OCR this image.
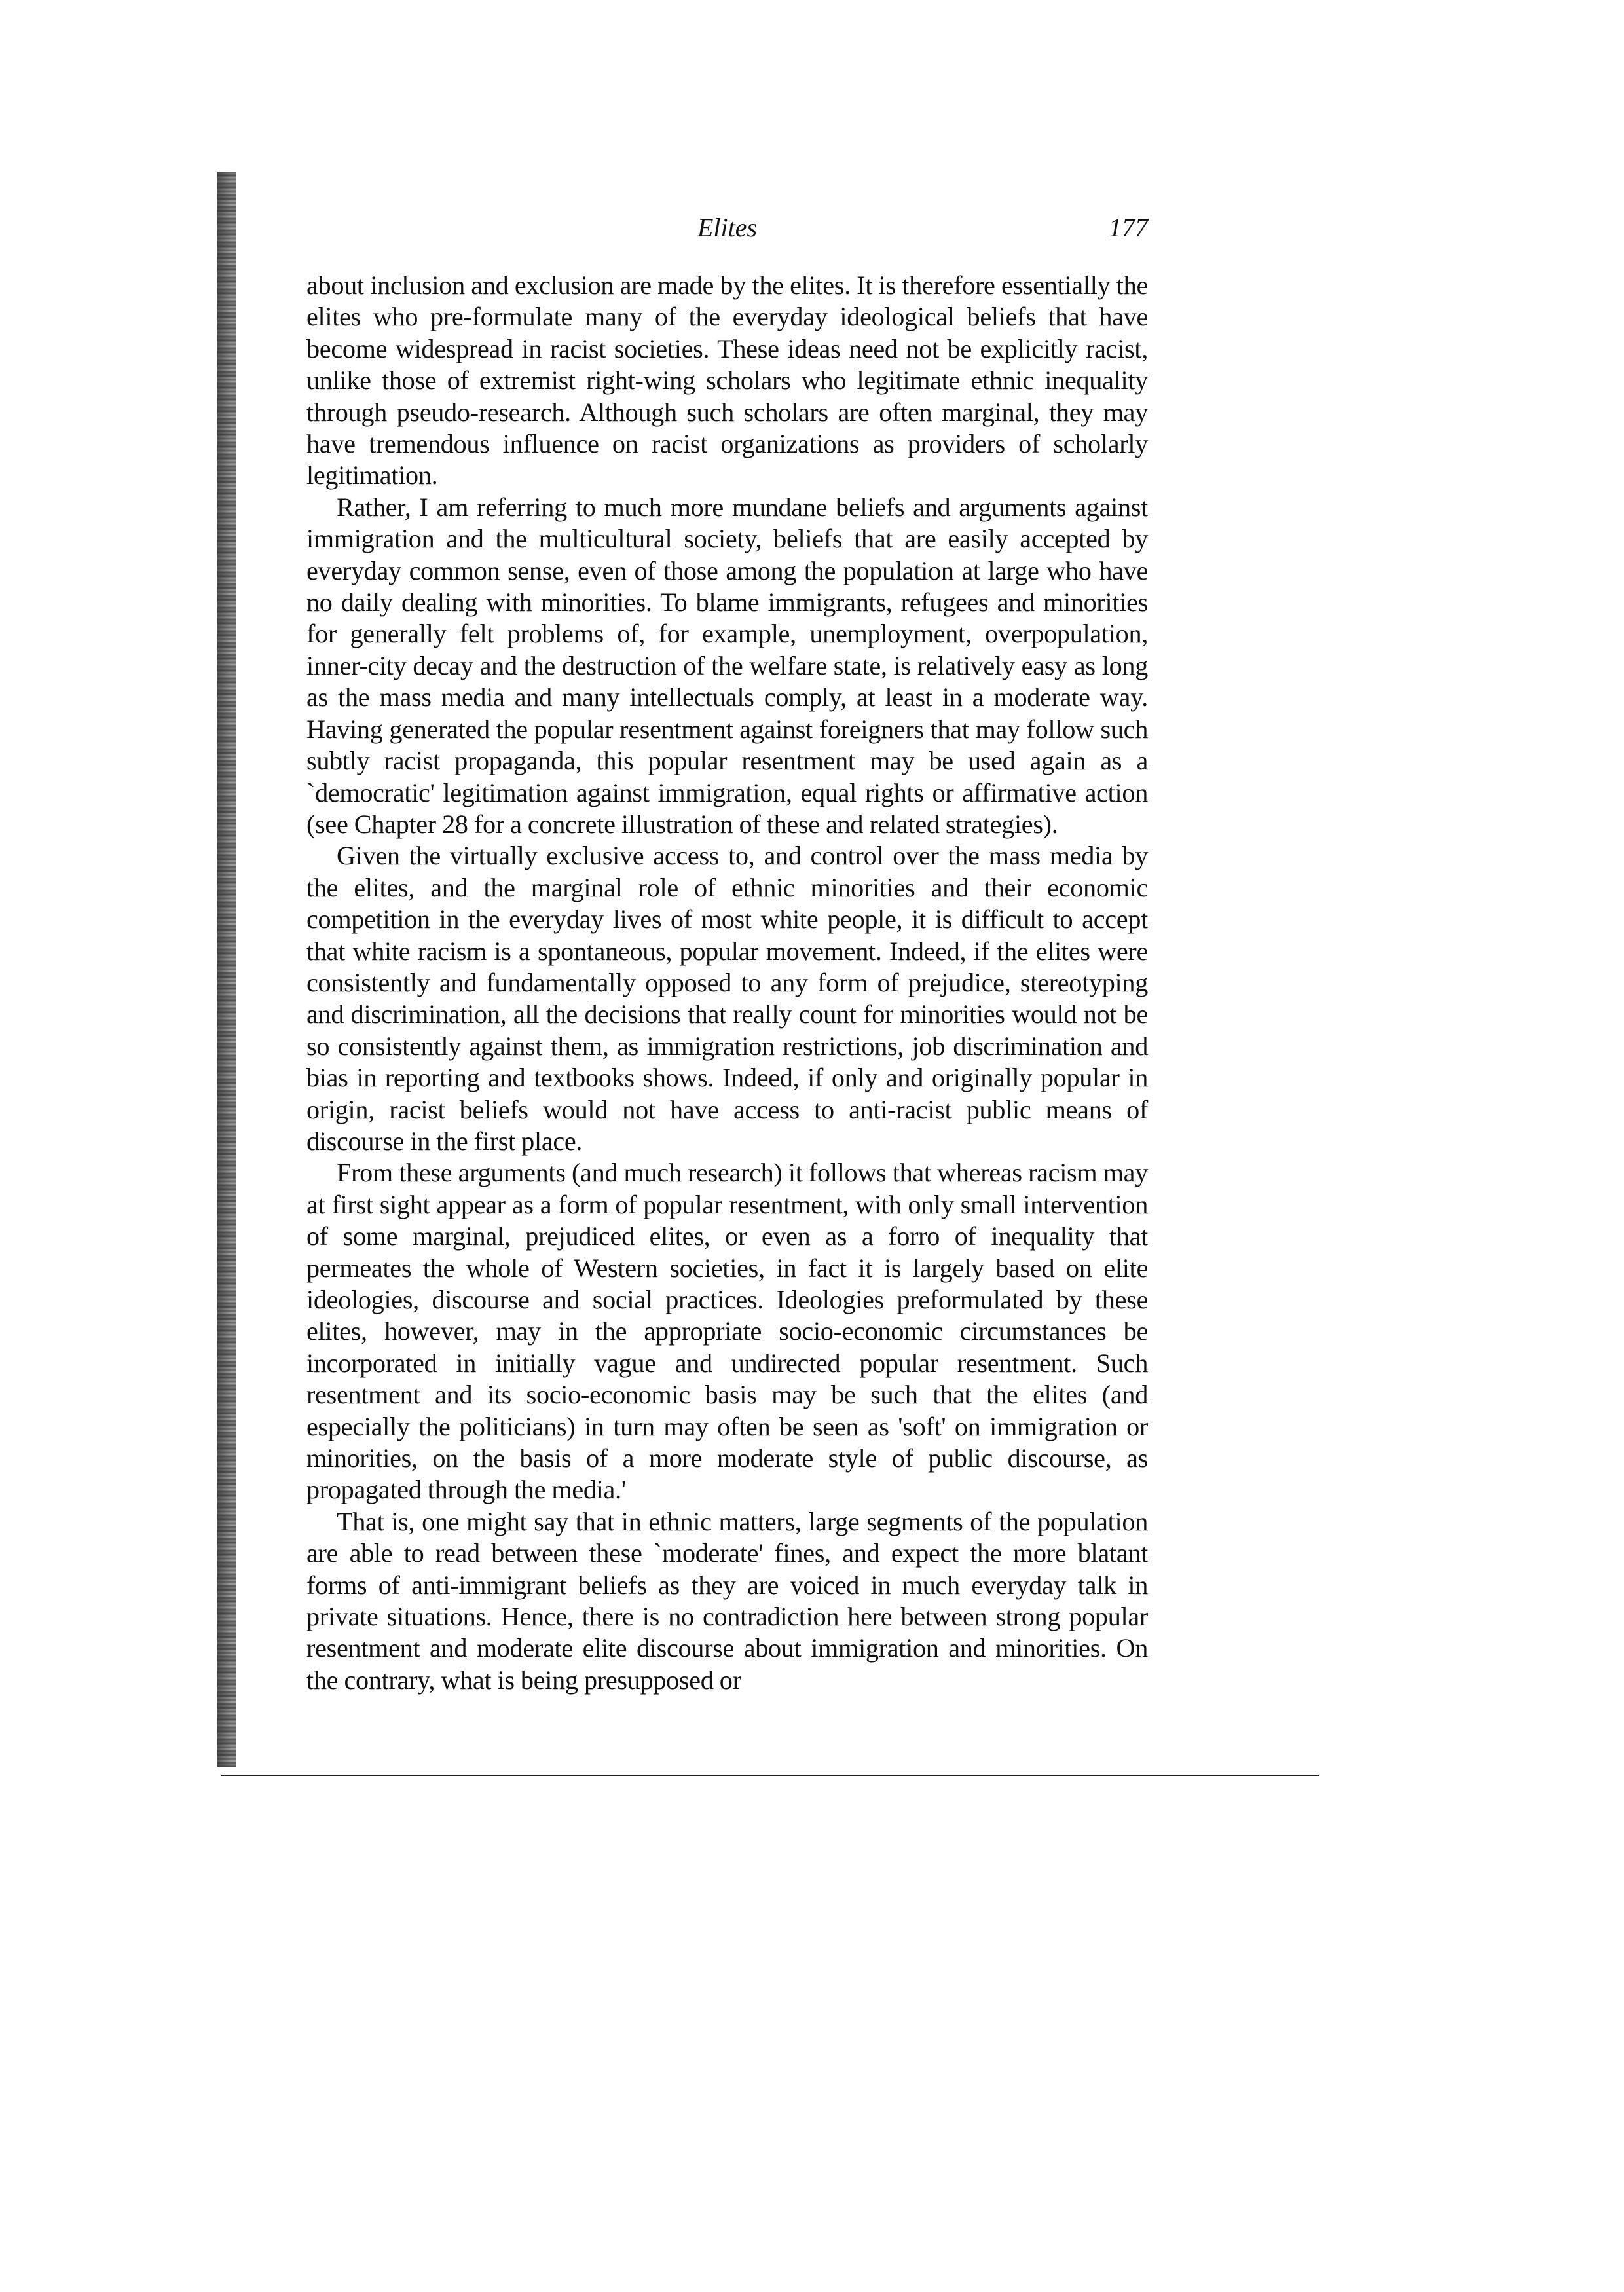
Elites	177

about inclusion and exclusion are made by the elites. It is therefore essentially the elites who pre-formulate many of the everyday ideological beliefs that have become widespread in racist societies. These ideas need not be explicitly racist, unlike those of extremist right-wing scholars who legitimate ethnic inequality through pseudo-research. Although such scholars are often marginal, they may have tremendous influence on racist organizations as providers of scholarly legitimation.

Rather, I am referring to much more mundane beliefs and arguments against immigration and the multicultural society, beliefs that are easily accepted by everyday common sense, even of those among the population at large who have no daily dealing with minorities. To blame immigrants, refugees and minorities for generally felt problems of, for example, unemployment, overpopulation, inner-city decay and the destruction of the welfare state, is relatively easy as long as the mass media and many intellectuals comply, at least in a moderate way. Having generated the popular resentment against foreigners that may follow such subtly racist propaganda, this popular resentment may be used again as a `democratic' legitimation against immigration, equal rights or affirmative action (see Chapter 28 for a concrete illustration of these and related strategies).

Given the virtually exclusive access to, and control over the mass media by the elites, and the marginal role of ethnic minorities and their economic competition in the everyday lives of most white people, it is difficult to accept that white racism is a spontaneous, popular movement. Indeed, if the elites were consistently and fundamentally opposed to any form of prejudice, stereotyping and discrimination, all the decisions that really count for minorities would not be so consistently against them, as immigration restrictions, job discrimination and bias in reporting and textbooks shows. Indeed, if only and originally popular in origin, racist beliefs would not have access to anti-racist public means of discourse in the first place.

From these arguments (and much research) it follows that whereas racism may at first sight appear as a form of popular resentment, with only small intervention of some marginal, prejudiced elites, or even as a forro of inequality that permeates the whole of Western societies, in fact it is largely based on elite ideologies, discourse and social practices. Ideologies preformulated by these elites, however, may in the appropriate socio-economic circumstances be incorporated in initially vague and undirected popular resentment. Such resentment and its socio-economic basis may be such that the elites (and especially the politicians) in turn may often be seen as 'soft' on immigration or minorities, on the basis of a more moderate style of public discourse, as propagated through the media.'

That is, one might say that in ethnic matters, large segments of the population are able to read between these `moderate' fines, and expect the more blatant forms of anti-immigrant beliefs as they are voiced in much everyday talk in private situations. Hence, there is no contradiction here between strong popular resentment and moderate elite discourse about immigration and minorities. On the contrary, what is being presupposed or
